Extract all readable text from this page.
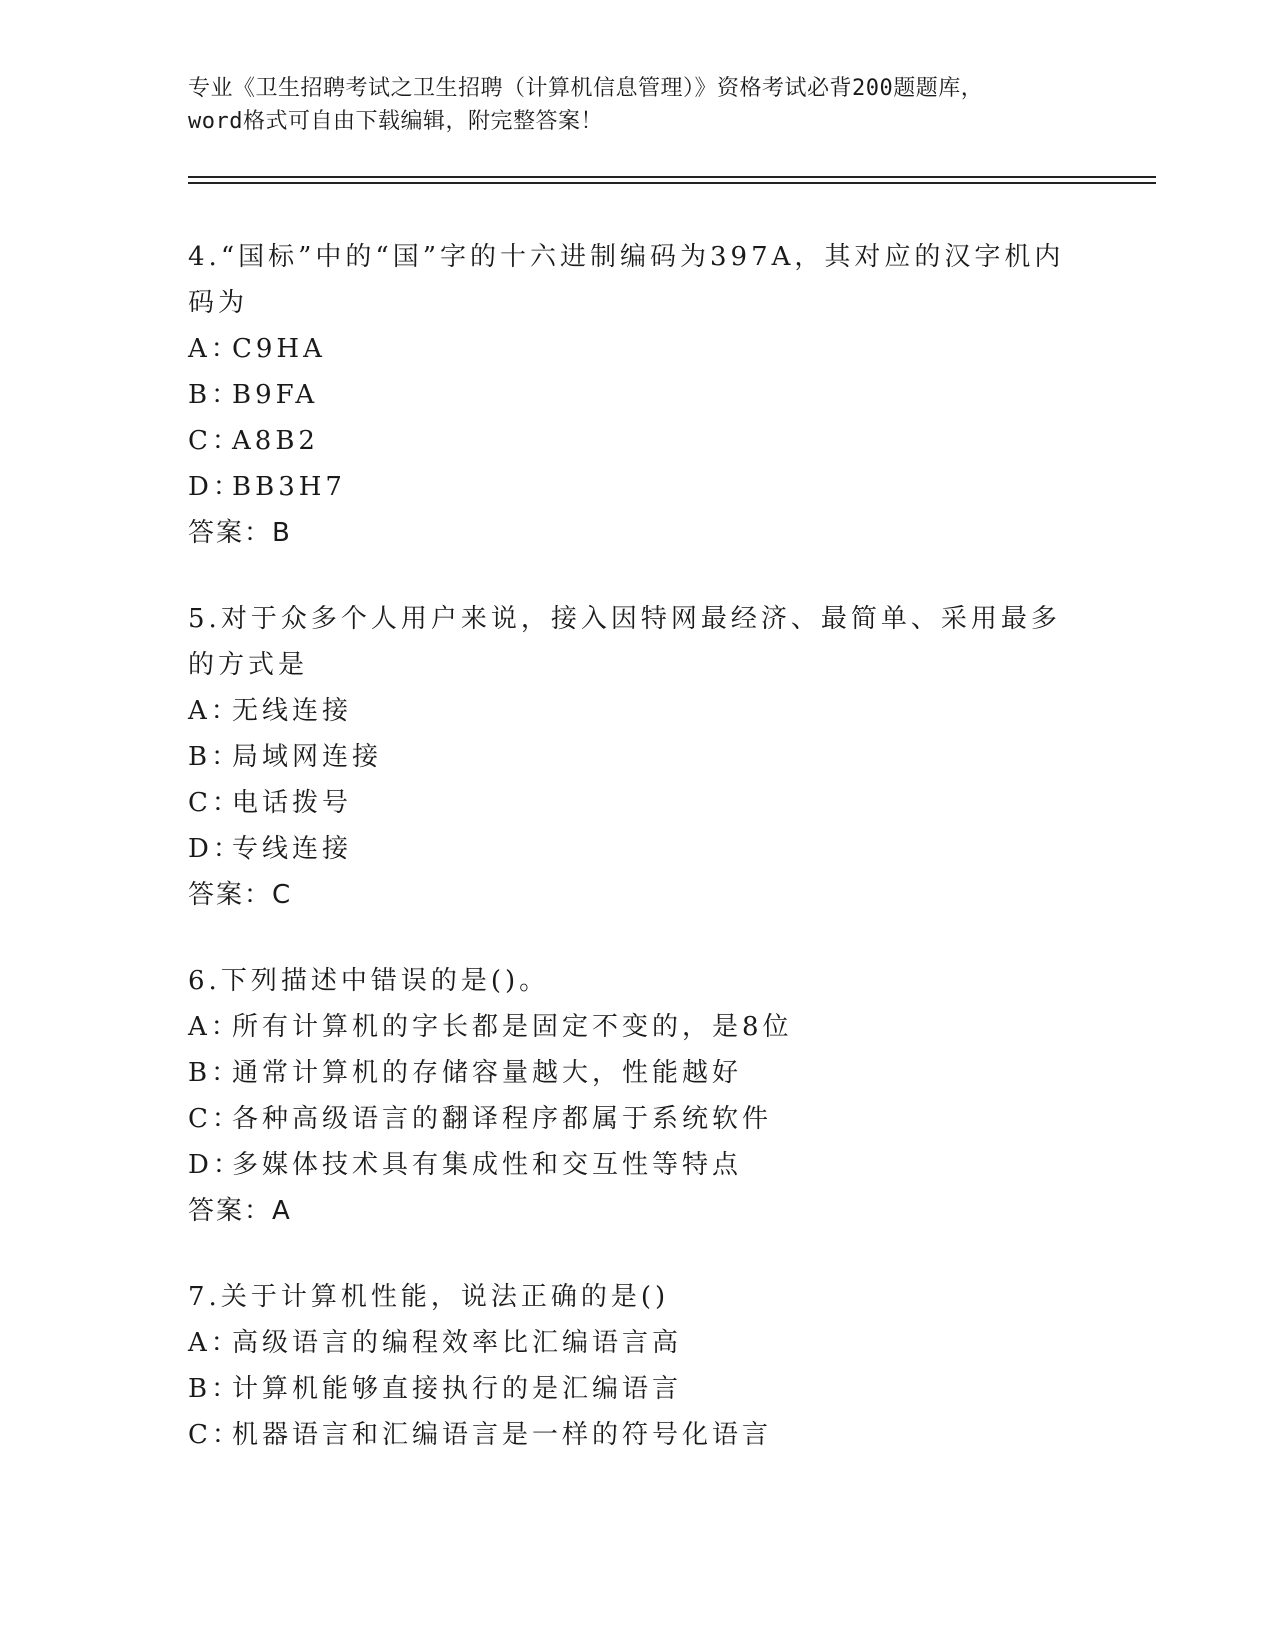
专业《卫生招聘考试之卫生招聘（计算机信息管理）》资格考试必背200题题库，
word格式可自由下载编辑，附完整答案！

4.“国标”中的“国”字的十六进制编码为397A，其对应的汉字机内码为

A：C9HA

B：B9FA

C：A8B2

D：BB3H7

答案：B

5.对于众多个人用户来说，接入因特网最经济、最简单、采用最多的方式是

A：无线连接

B：局域网连接

C：电话拨号

D：专线连接

答案：C

6.下列描述中错误的是()。

A：所有计算机的字长都是固定不变的，是8位

B：通常计算机的存储容量越大，性能越好

C：各种高级语言的翻译程序都属于系统软件

D：多媒体技术具有集成性和交互性等特点

答案：A

7.关于计算机性能，说法正确的是()

A：高级语言的编程效率比汇编语言高

B：计算机能够直接执行的是汇编语言

C：机器语言和汇编语言是一样的符号化语言
